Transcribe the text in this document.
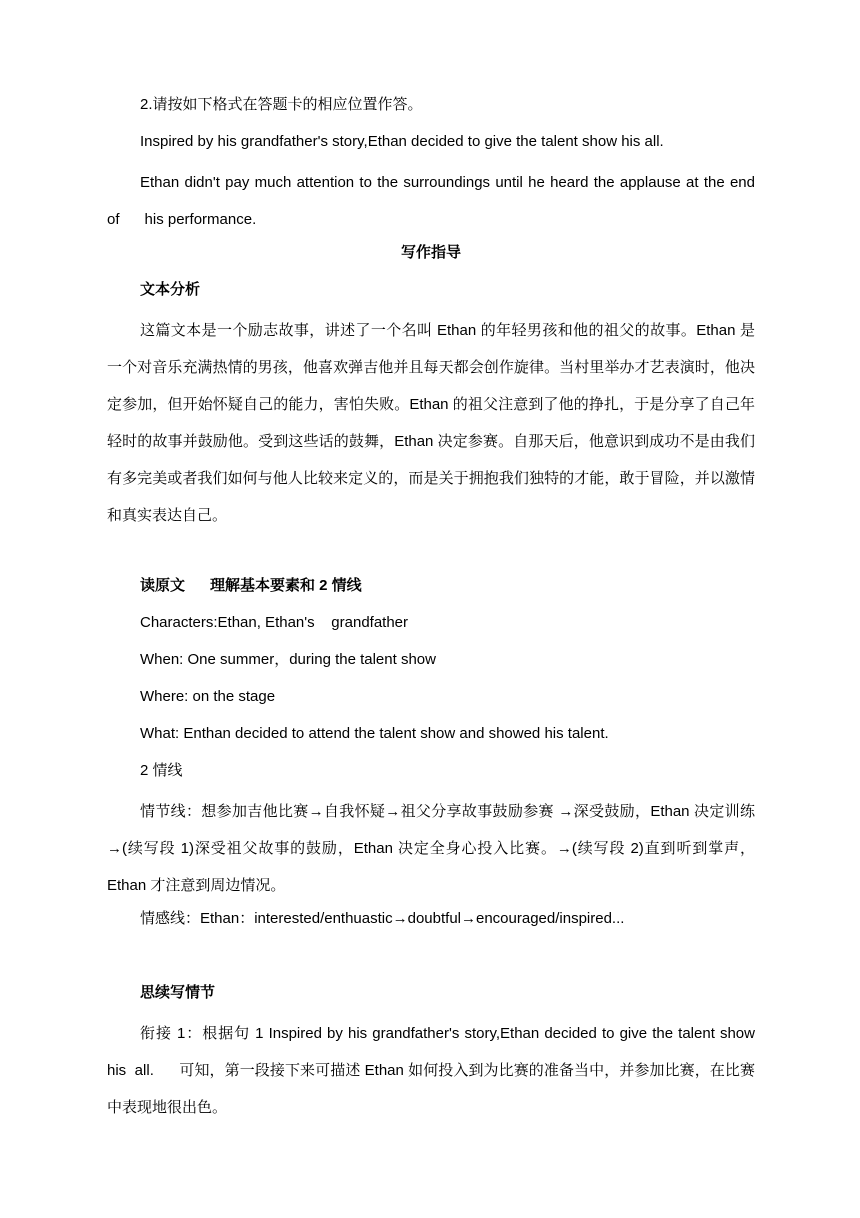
2.请按如下格式在答题卡的相应位置作答。
Inspired by his grandfather's story,Ethan decided to give the talent show his all.
Ethan didn't pay much attention to the surroundings until he heard the applause at the end of      his performance.
写作指导
文本分析
这篇文本是一个励志故事，讲述了一个名叫 Ethan 的年轻男孩和他的祖父的故事。Ethan 是一个对音乐充满热情的男孩，他喜欢弹吉他并且每天都会创作旋律。当村里举办才艺表演时，他决定参加，但开始怀疑自己的能力，害怕失败。Ethan 的祖父注意到了他的挣扎，于是分享了自己年轻时的故事并鼓励他。受到这些话的鼓舞，Ethan 决定参赛。自那天后，他意识到成功不是由我们有多完美或者我们如何与他人比较来定义的，而是关于拥抱我们独特的才能，敢于冒险，并以激情和真实表达自己。
读原文      理解基本要素和 2 情线
Characters:Ethan, Ethan's    grandfather
When: One summer，during the talent show
Where: on the stage
What: Enthan decided to attend the talent show and showed his talent.
2 情线
情节线：想参加吉他比赛→自我怀疑→祖父分享故事鼓励参赛 →深受鼓励，Ethan 决定训练 →(续写段 1)深受祖父故事的鼓励，Ethan 决定全身心投入比赛。→(续写段 2)直到听到掌声，Ethan 才注意到周边情况。
情感线：Ethan：interested/enthuastic→doubtful→encouraged/inspired...
思续写情节
衔接 1：根据句 1 Inspired by his grandfather's story,Ethan decided to give the talent show his  all.      可知，第一段接下来可描述 Ethan 如何投入到为比赛的准备当中，并参加比赛，在比赛中表现地很出色。
